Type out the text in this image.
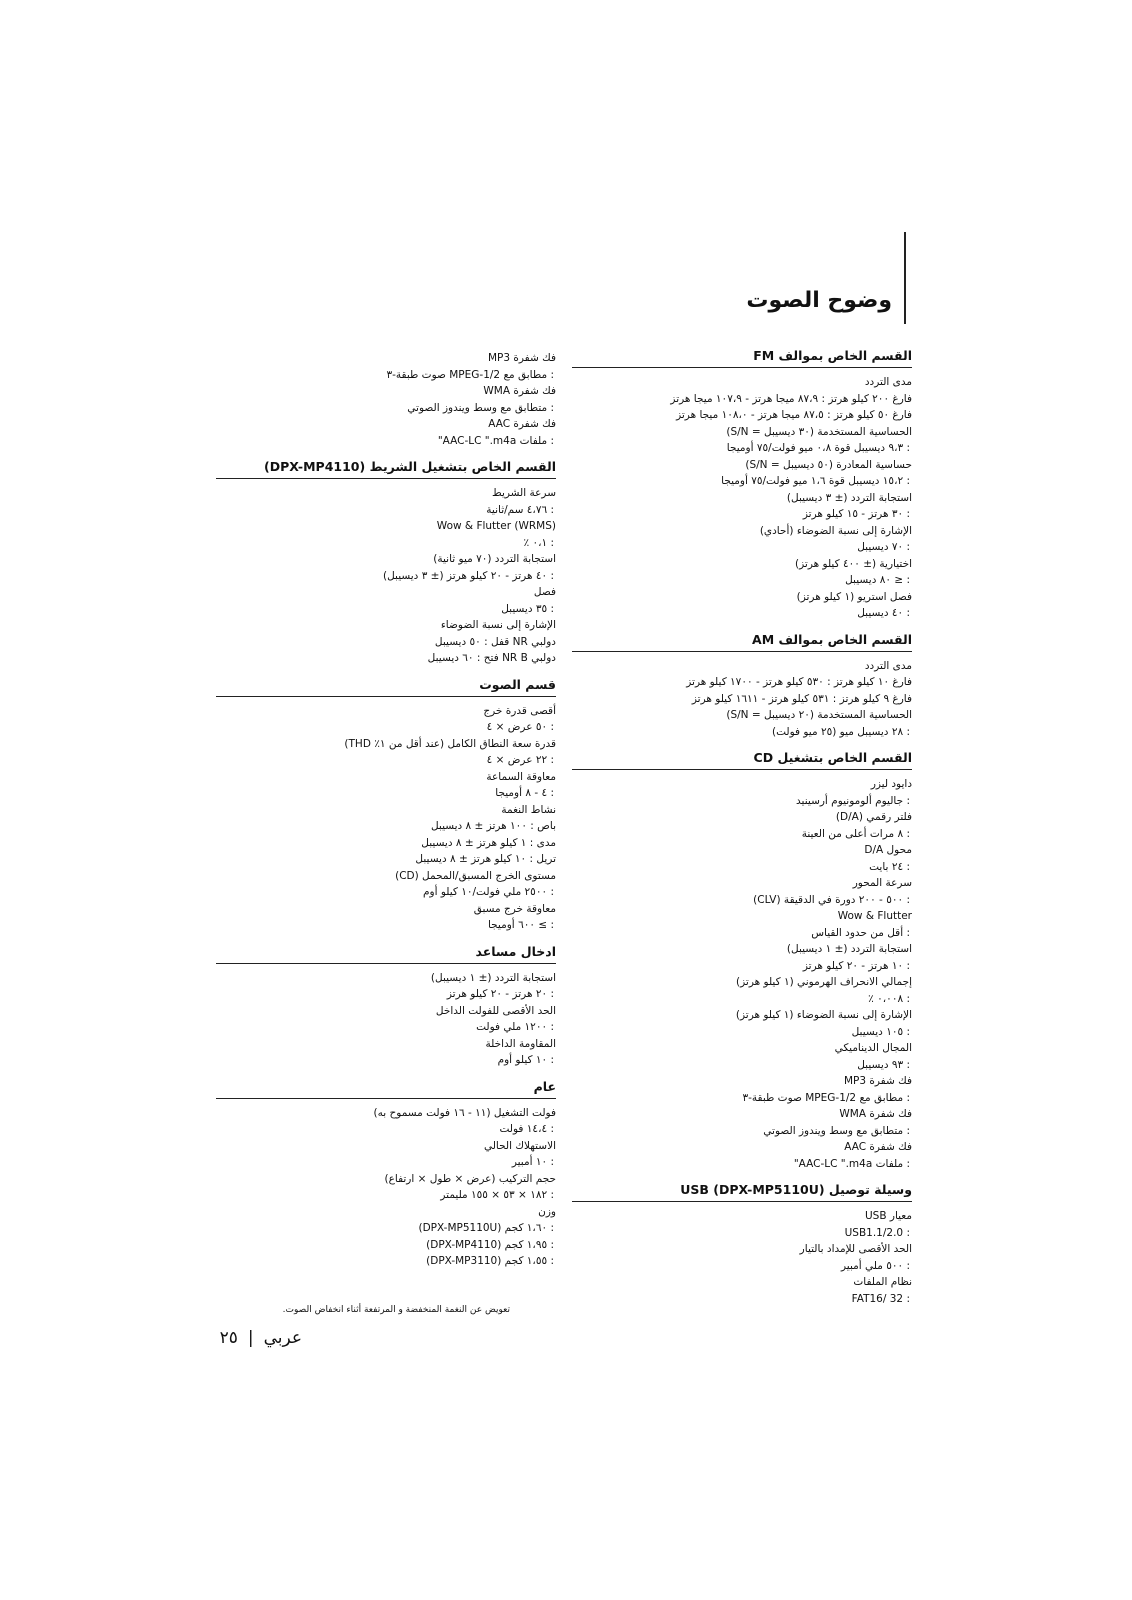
وضوح الصوت
القسم الخاص بموالف FM
مدى التردد
فارغ ٢٠٠ كيلو هرتز : ٨٧،٩ ميجا هرتز - ١٠٧،٩ ميجا هرتز
فارغ ٥٠ كيلو هرتز : ٨٧،٥ ميجا هرتز - ١٠٨،٠ ميجا هرتز
الحساسية المستخدمة (٣٠ ديسيبل = S/N)
: ٩،٣ ديسيبل قوة ٠،٨ ميو فولت/٧٥ أوميجا
حساسية المعادرة (٥٠ ديسيبل = S/N)
: ١٥،٢ ديسيبل قوة ١،٦ ميو فولت/٧٥ أوميجا
استجابة التردد (± ٣ ديسيبل)
: ٣٠ هرتز - ١٥ كيلو هرتز
الإشارة إلى نسبة الضوضاء (أحادي)
: ٧٠ ديسيبل
اختيارية (± ٤٠٠ كيلو هرتز)
: ≤ ٨٠ ديسيبل
فصل استريو (١ كيلو هرتز)
: ٤٠ ديسيبل
القسم الخاص بموالف AM
مدى التردد
فارغ ١٠ كيلو هرتز : ٥٣٠ كيلو هرتز - ١٧٠٠ كيلو هرتز
فارغ ٩ كيلو هرتز : ٥٣١ كيلو هرتز - ١٦١١ كيلو هرتز
الحساسية المستخدمة (٢٠ ديسيبل = S/N)
: ٢٨ ديسيبل ميو (٢٥ ميو فولت)
القسم الخاص بتشغيل CD
دايود ليزر
: جاليوم ألومونيوم أرسينيد
فلتر رقمي (D/A)
: ٨ مرات أعلى من العينة
محول D/A
: ٢٤ بايت
سرعة المحور
: ٥٠٠ - ٢٠٠ دورة في الدقيقة (CLV)
Wow & Flutter
: أقل من حدود القياس
استجابة التردد (± ١ ديسيبل)
: ١٠ هرتز - ٢٠ كيلو هرتز
إجمالي الانحراف الهرموني (١ كيلو هرتز)
: ٠،٠٠٨ ٪
الإشارة إلى نسبة الضوضاء (١ كيلو هرتز)
: ١٠٥ ديسيبل
المجال الديناميكي
: ٩٣ ديسيبل
فك شفرة MP3
: مطابق مع MPEG-1/2 صوت طبقة-٣
فك شفرة WMA
: متطابق مع وسط ويندوز الصوتي
فك شفرة AAC
: ملفات AAC-LC ".m4a"
وسيلة توصيل USB (DPX-MP5110U)
معيار USB
: USB1.1/2.0
الحد الأقصى للإمداد بالتيار
: ٥٠٠ ملي أمبير
نظام الملفات
: FAT16/ 32
فك شفرة MP3
: مطابق مع MPEG-1/2 صوت طبقة-٣
فك شفرة WMA
: متطابق مع وسط ويندوز الصوتي
فك شفرة AAC
: ملفات AAC-LC ".m4a"
القسم الخاص بتشغيل الشريط (DPX-MP4110)
سرعة الشريط
: ٤،٧٦ سم/ثانية
Wow & Flutter (WRMS)
: ٠،١ ٪
استجابة التردد (٧٠ ميو ثانية)
: ٤٠ هرتز - ٢٠ كيلو هرتز (± ٣ ديسيبل)
فصل
: ٣٥ ديسيبل
الإشارة إلى نسبة الضوضاء
دولبي NR قفل : ٥٠ ديسيبل
دولبي NR B فتح : ٦٠ ديسيبل
قسم الصوت
أقصى قدرة خرج
: ٥٠ عرض × ٤
قدرة سعة النطاق الكامل (عند أقل من ١٪ THD)
: ٢٢ عرض × ٤
معاوقة السماعة
: ٤ - ٨ أوميجا
نشاط النغمة
باص : ١٠٠ هرتز ± ٨ ديسيبل
مدى : ١ كيلو هرتز ± ٨ ديسيبل
تريل : ١٠ كيلو هرتز ± ٨ ديسيبل
مستوى الخرج المسبق/المحمل (CD)
: ٢٥٠٠ ملي فولت/١٠ كيلو أوم
معاوقة خرج مسبق
: ≥ ٦٠٠ أوميجا
ادخال مساعد
استجابة التردد (± ١ ديسيبل)
: ٢٠ هرتز - ٢٠ كيلو هرتز
الحد الأقصى للفولت الداخل
: ١٢٠٠ ملي فولت
المقاومة الداخلة
: ١٠ كيلو أوم
عام
فولت التشغيل (١١ - ١٦ فولت مسموح به)
: ١٤،٤ فولت
الاستهلاك الحالي
: ١٠ أمبير
حجم التركيب (عرض × طول × ارتفاع)
: ١٨٢ × ٥٣ × ١٥٥ مليمتر
وزن
: ١،٦٠ كجم (DPX-MP5110U)
: ١،٩٥ كجم (DPX-MP4110)
: ١،٥٥ كجم (DPX-MP3110)
تعويض عن النغمة المنخفضة و المرتفعة أثناء انخفاض الصوت.
عربي|٢٥
